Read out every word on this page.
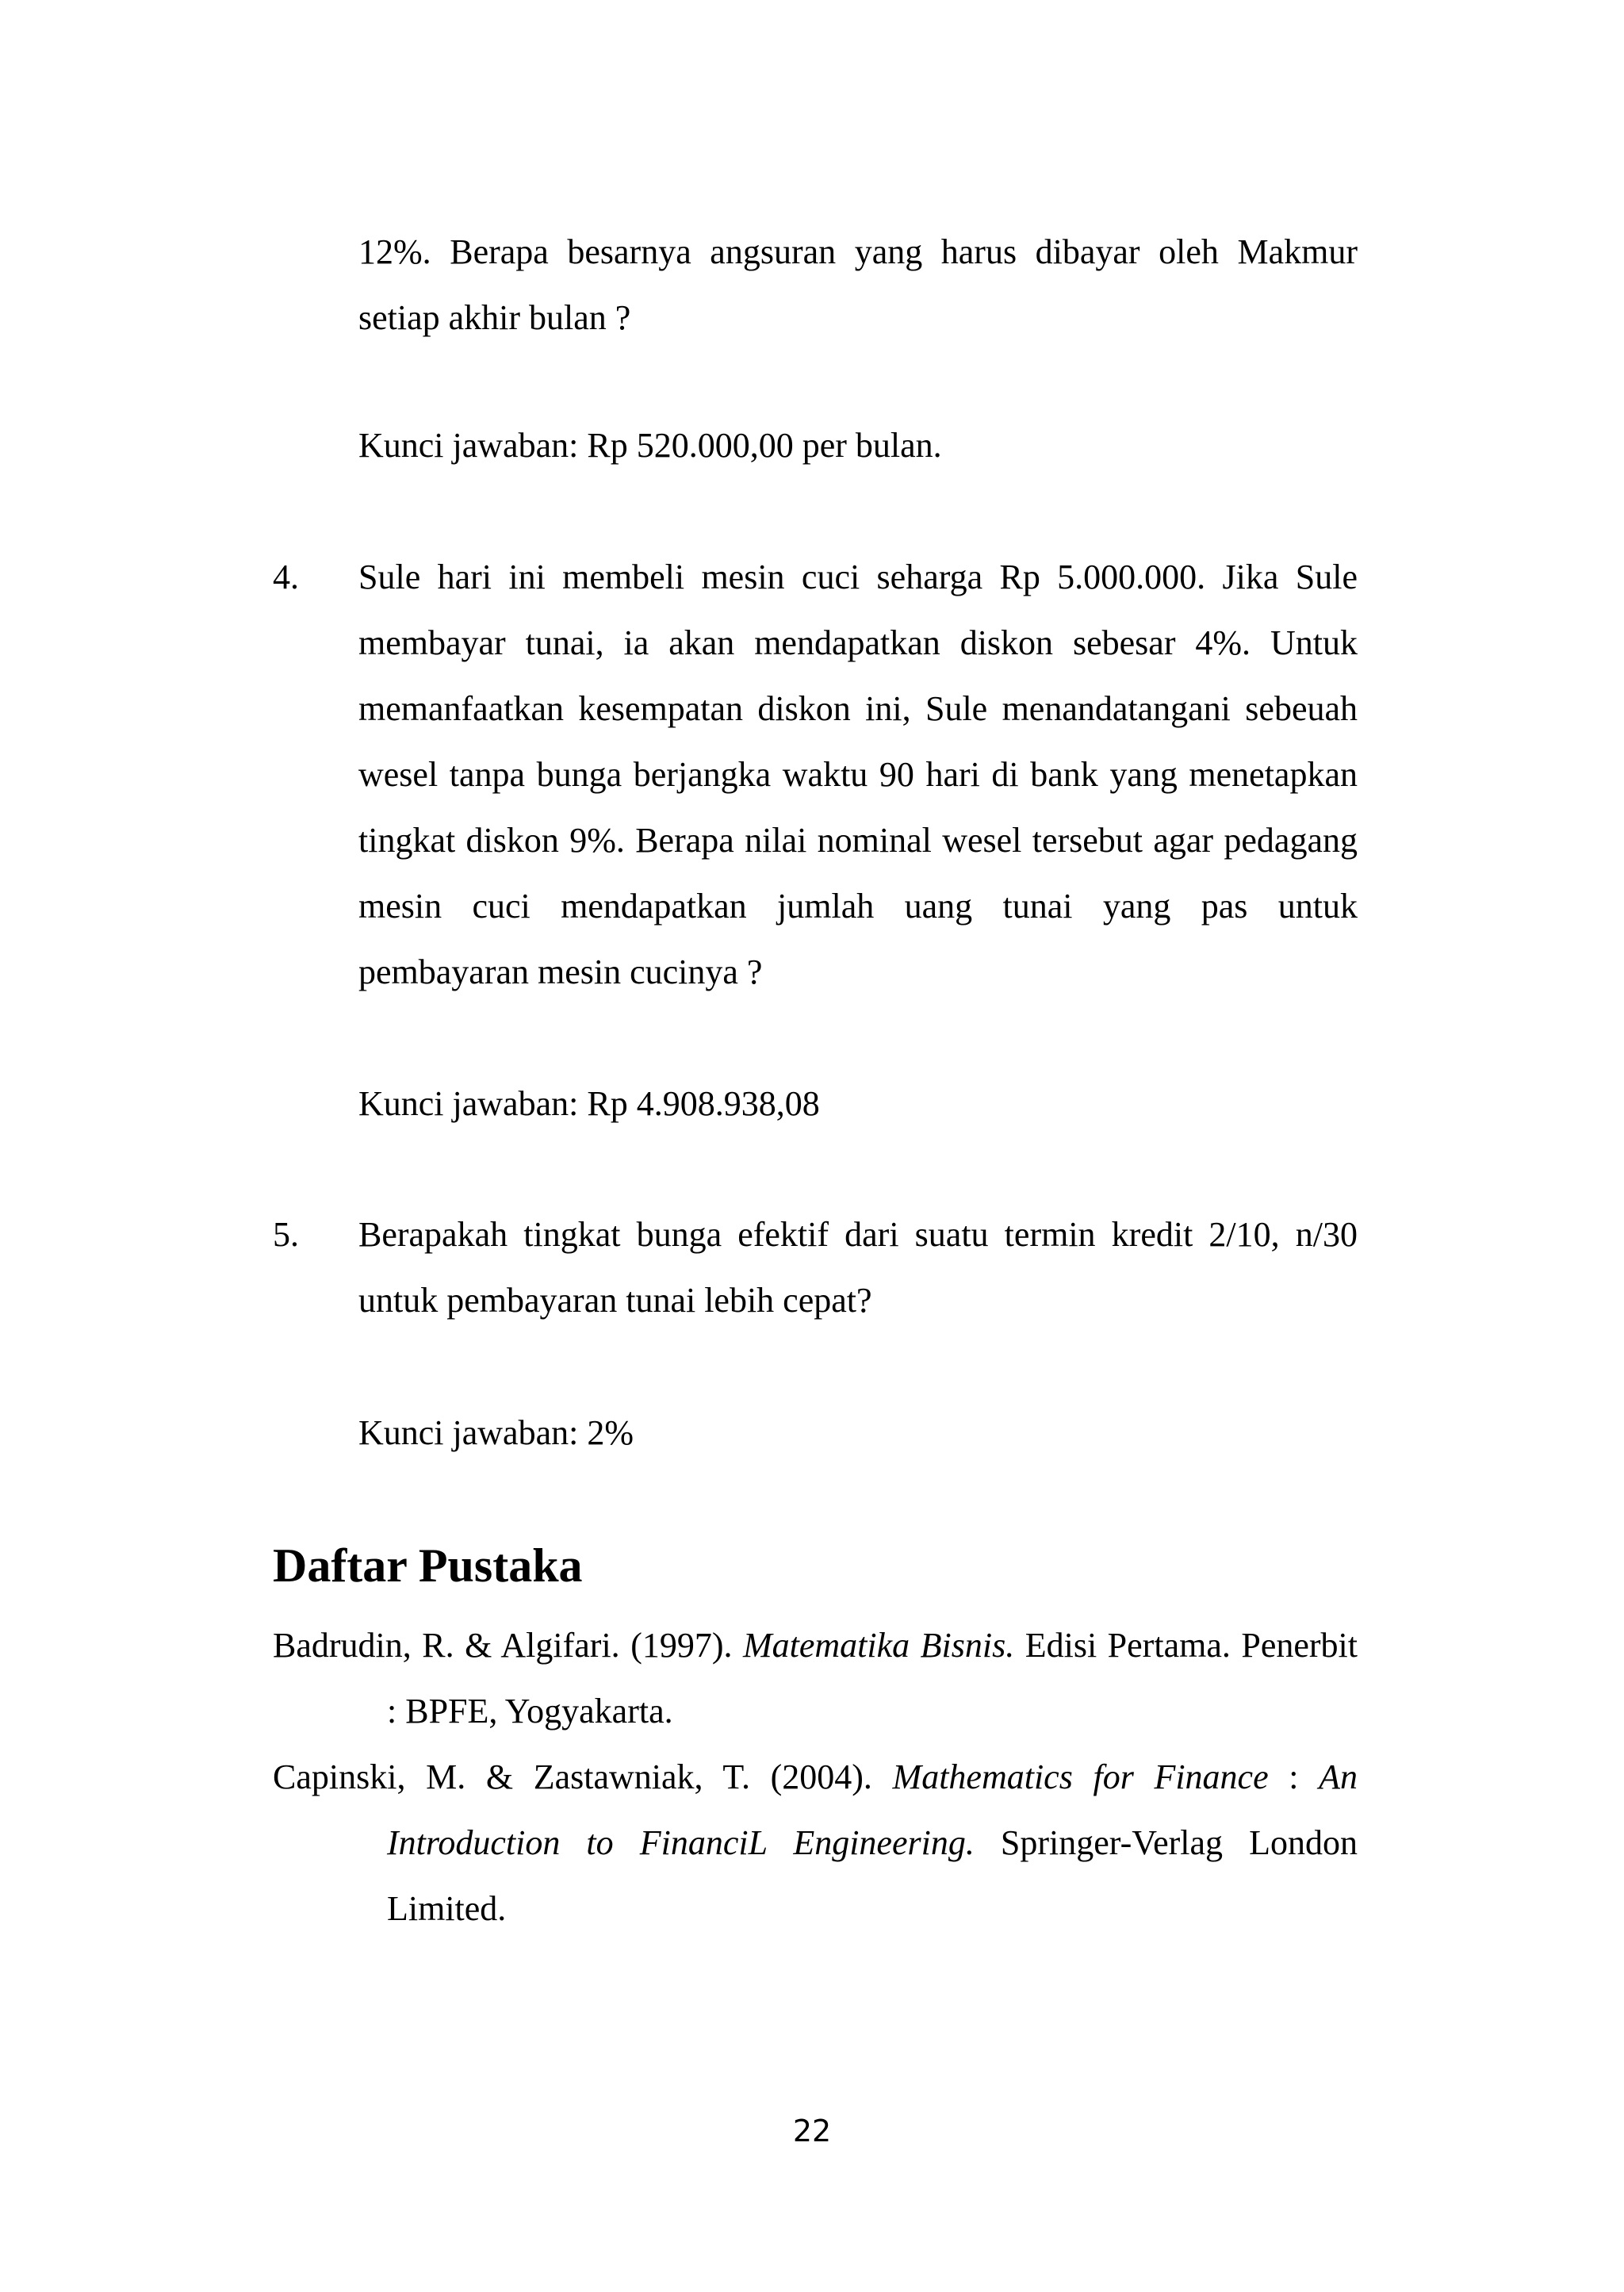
12%. Berapa besarnya angsuran yang harus dibayar oleh Makmur setiap akhir bulan ?

Kunci jawaban: Rp 520.000,00 per bulan.

4. Sule hari ini membeli mesin cuci seharga Rp 5.000.000. Jika Sule membayar tunai, ia akan mendapatkan diskon sebesar 4%. Untuk memanfaatkan kesempatan diskon ini, Sule menandatangani sebeuah wesel tanpa bunga berjangka waktu 90 hari di bank yang menetapkan tingkat diskon 9%. Berapa nilai nominal wesel tersebut agar pedagang mesin cuci mendapatkan jumlah uang tunai yang pas untuk pembayaran mesin cucinya ?

Kunci jawaban: Rp 4.908.938,08

5. Berapakah tingkat bunga efektif dari suatu termin kredit 2/10, n/30 untuk pembayaran tunai lebih cepat?

Kunci jawaban: 2%

Daftar Pustaka

Badrudin, R. & Algifari. (1997). Matematika Bisnis. Edisi Pertama. Penerbit : BPFE, Yogyakarta.

Capinski, M. & Zastawniak, T. (2004). Mathematics for Finance : An Introduction to FinanciL Engineering. Springer-Verlag London Limited.

22
